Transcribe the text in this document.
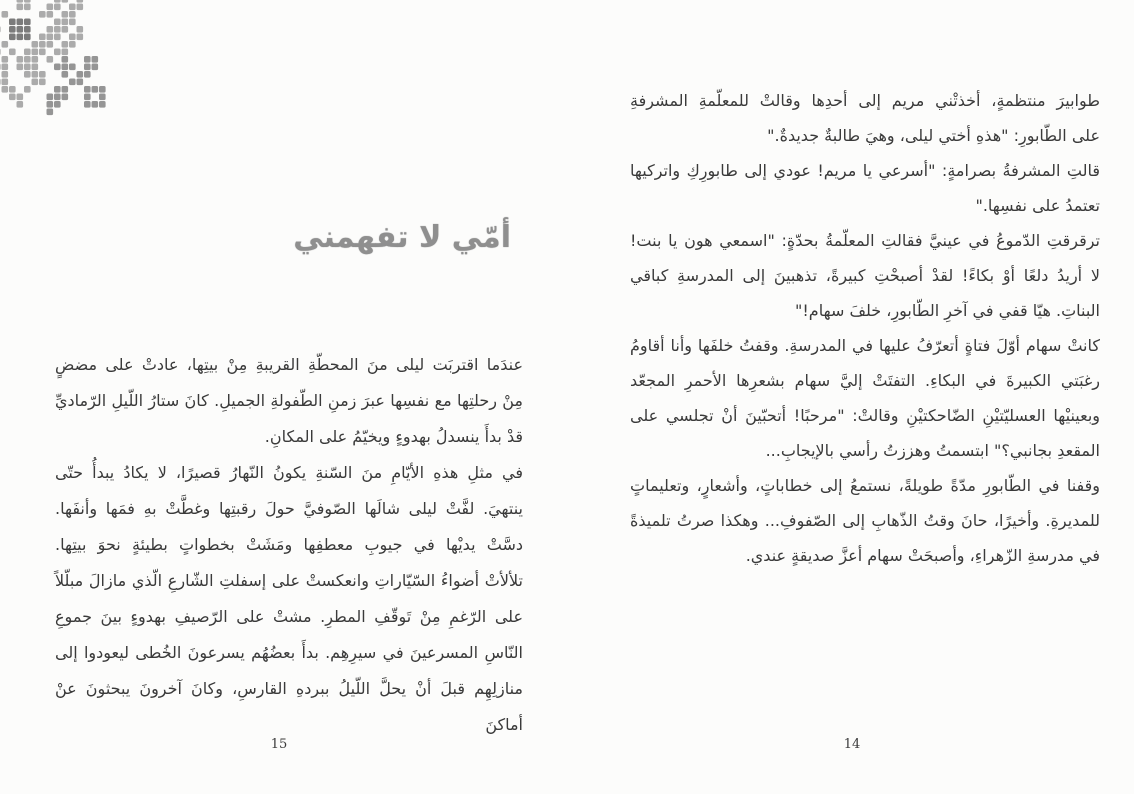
أمّي لا تفهمني
عندَما اقتربَت ليلى منَ المحطّةِ القريبةِ مِنْ بيتِها، عادتْ على مضضٍ
مِنْ رحلتِها مع نفسِها عبرَ زمنِ الطّفولةِ الجميلِ. كانَ ستارُ اللّيلِ الرّماديِّ
قدْ بدأَ ينسدلُ بهدوءٍ ويخيّمُ على المكانِ.
في مثلِ هذهِ الأيّامِ منَ السّنةِ يكونُ النّهارُ قصيرًا، لا يكادُ يبدأُ حتّى
ينتهيَ. لفَّتْ ليلى شالَها الصّوفيَّ حولَ رقبتِها وغطَّتْ بهِ فمَها وأنفَها.
دسَّتْ يديْها في جيوبِ معطفِها ومَشَتْ بخطواتٍ بطيئةٍ نحوَ بيتِها.
تلألأتْ أضواءُ السّيّاراتِ وانعكستْ على إسفلتِ الشّارعِ الّذي مازالَ مبلّلاً
على الرّغمِ مِنْ تَوقّفِ المطرِ. مشتْ على الرّصيفِ بهدوءٍ بينَ جموعِ
النّاسِ المسرعينَ في سيرِهِم. بدأَ بعضُهُم يسرعونَ الخُطى ليعودوا إلى
منازلِهِم قبلَ أنْ يحلَّ اللّيلُ ببردهِ القارسِ، وكانَ آخرونَ يبحثونَ عنْ أماكنَ
15
طوابيرَ منتظمةٍ، أخذتْني مريم إلى أحدِها وقالتْ للمعلّمةِ المشرفةِ
على الطّابورِ: "هذهِ أختي ليلى، وهيَ طالبةٌ جديدةٌ."
قالتِ المشرفةُ بصرامةٍ: "أسرعي يا مريم! عودي إلى طابورِكِ واتركيها
تعتمدُ على نفسِها."
ترقرقتِ الدّموعُ في عينيَّ فقالتِ المعلّمةُ بحدّةٍ: "اسمعي هون يا بنت!
لا أريدُ دلعًا أوْ بكاءً! لقدْ أصبحْتِ كبيرةً، تذهبينَ إلى المدرسةِ كباقي
البناتِ. هيّا قفي في آخرِ الطّابورِ، خلفَ سهام!"
كانتْ سهام أوّلَ فتاةٍ أتعرّفُ عليها في المدرسةِ. وقفتُ خلفَها وأنا أقاومُ
رغبَتي الكبيرةَ في البكاءِ. التفتَتْ إليَّ سهام بشعرِها الأحمرِ المجعّد
وبعينيْها العسليّتيْنِ الضّاحكتيْنِ وقالتْ: "مرحبًا! أتحبّينَ أنْ تجلسي على
المقعدِ بجانبي؟" ابتسمتُ وهززتُ رأسي بالإيجابِ...
وقفنا في الطّابورِ مدّةً طويلةً، نستمعُ إلى خطاباتٍ، وأشعارٍ، وتعليماتٍ
للمديرةِ. وأخيرًا، حانَ وقتُ الذّهابِ إلى الصّفوفِ... وهكذا صرتُ تلميذةً
في مدرسةِ الزّهراءِ، وأصبحَتْ سهام أعزَّ صديقةٍ عندي.
14
